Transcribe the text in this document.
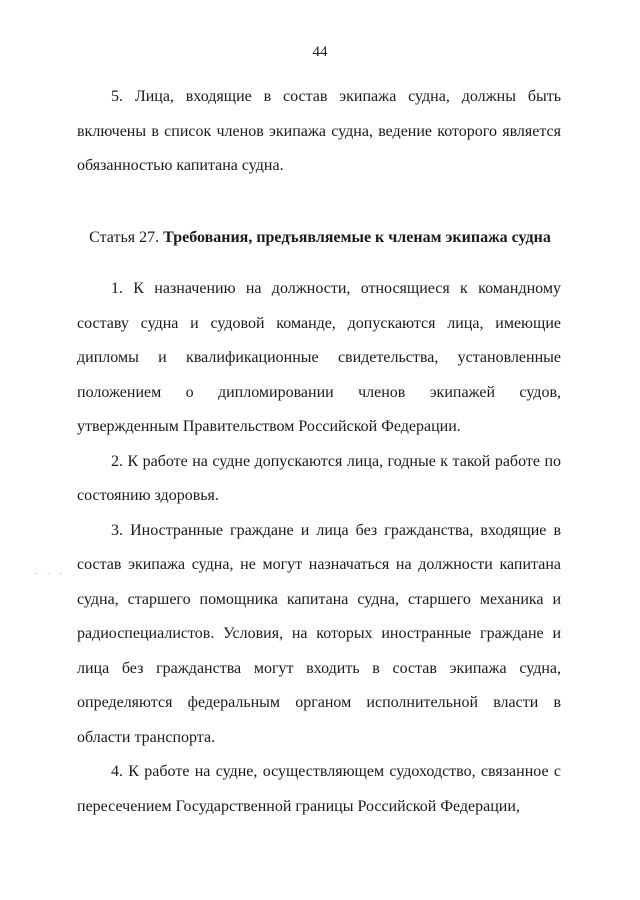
44

5. Лица, входящие в состав экипажа судна, должны быть включены в список членов экипажа судна, ведение которого является обязанностью капитана судна.

Статья 27. Требования, предъявляемые к членам экипажа судна

1. К назначению на должности, относящиеся к командному составу судна и судовой команде, допускаются лица, имеющие дипломы и квалификационные свидетельства, установленные положением о дипломировании членов экипажей судов, утвержденным Правительством Российской Федерации.

2. К работе на судне допускаются лица, годные к такой работе по состоянию здоровья.

3. Иностранные граждане и лица без гражданства, входящие в состав экипажа судна, не могут назначаться на должности капитана судна, старшего помощника капитана судна, старшего механика и радиоспециалистов. Условия, на которых иностранные граждане и лица без гражданства могут входить в состав экипажа судна, определяются федеральным органом исполнительной власти в области транспорта.

4. К работе на судне, осуществляющем судоходство, связанное с пересечением Государственной границы Российской Федерации,

· · ·
